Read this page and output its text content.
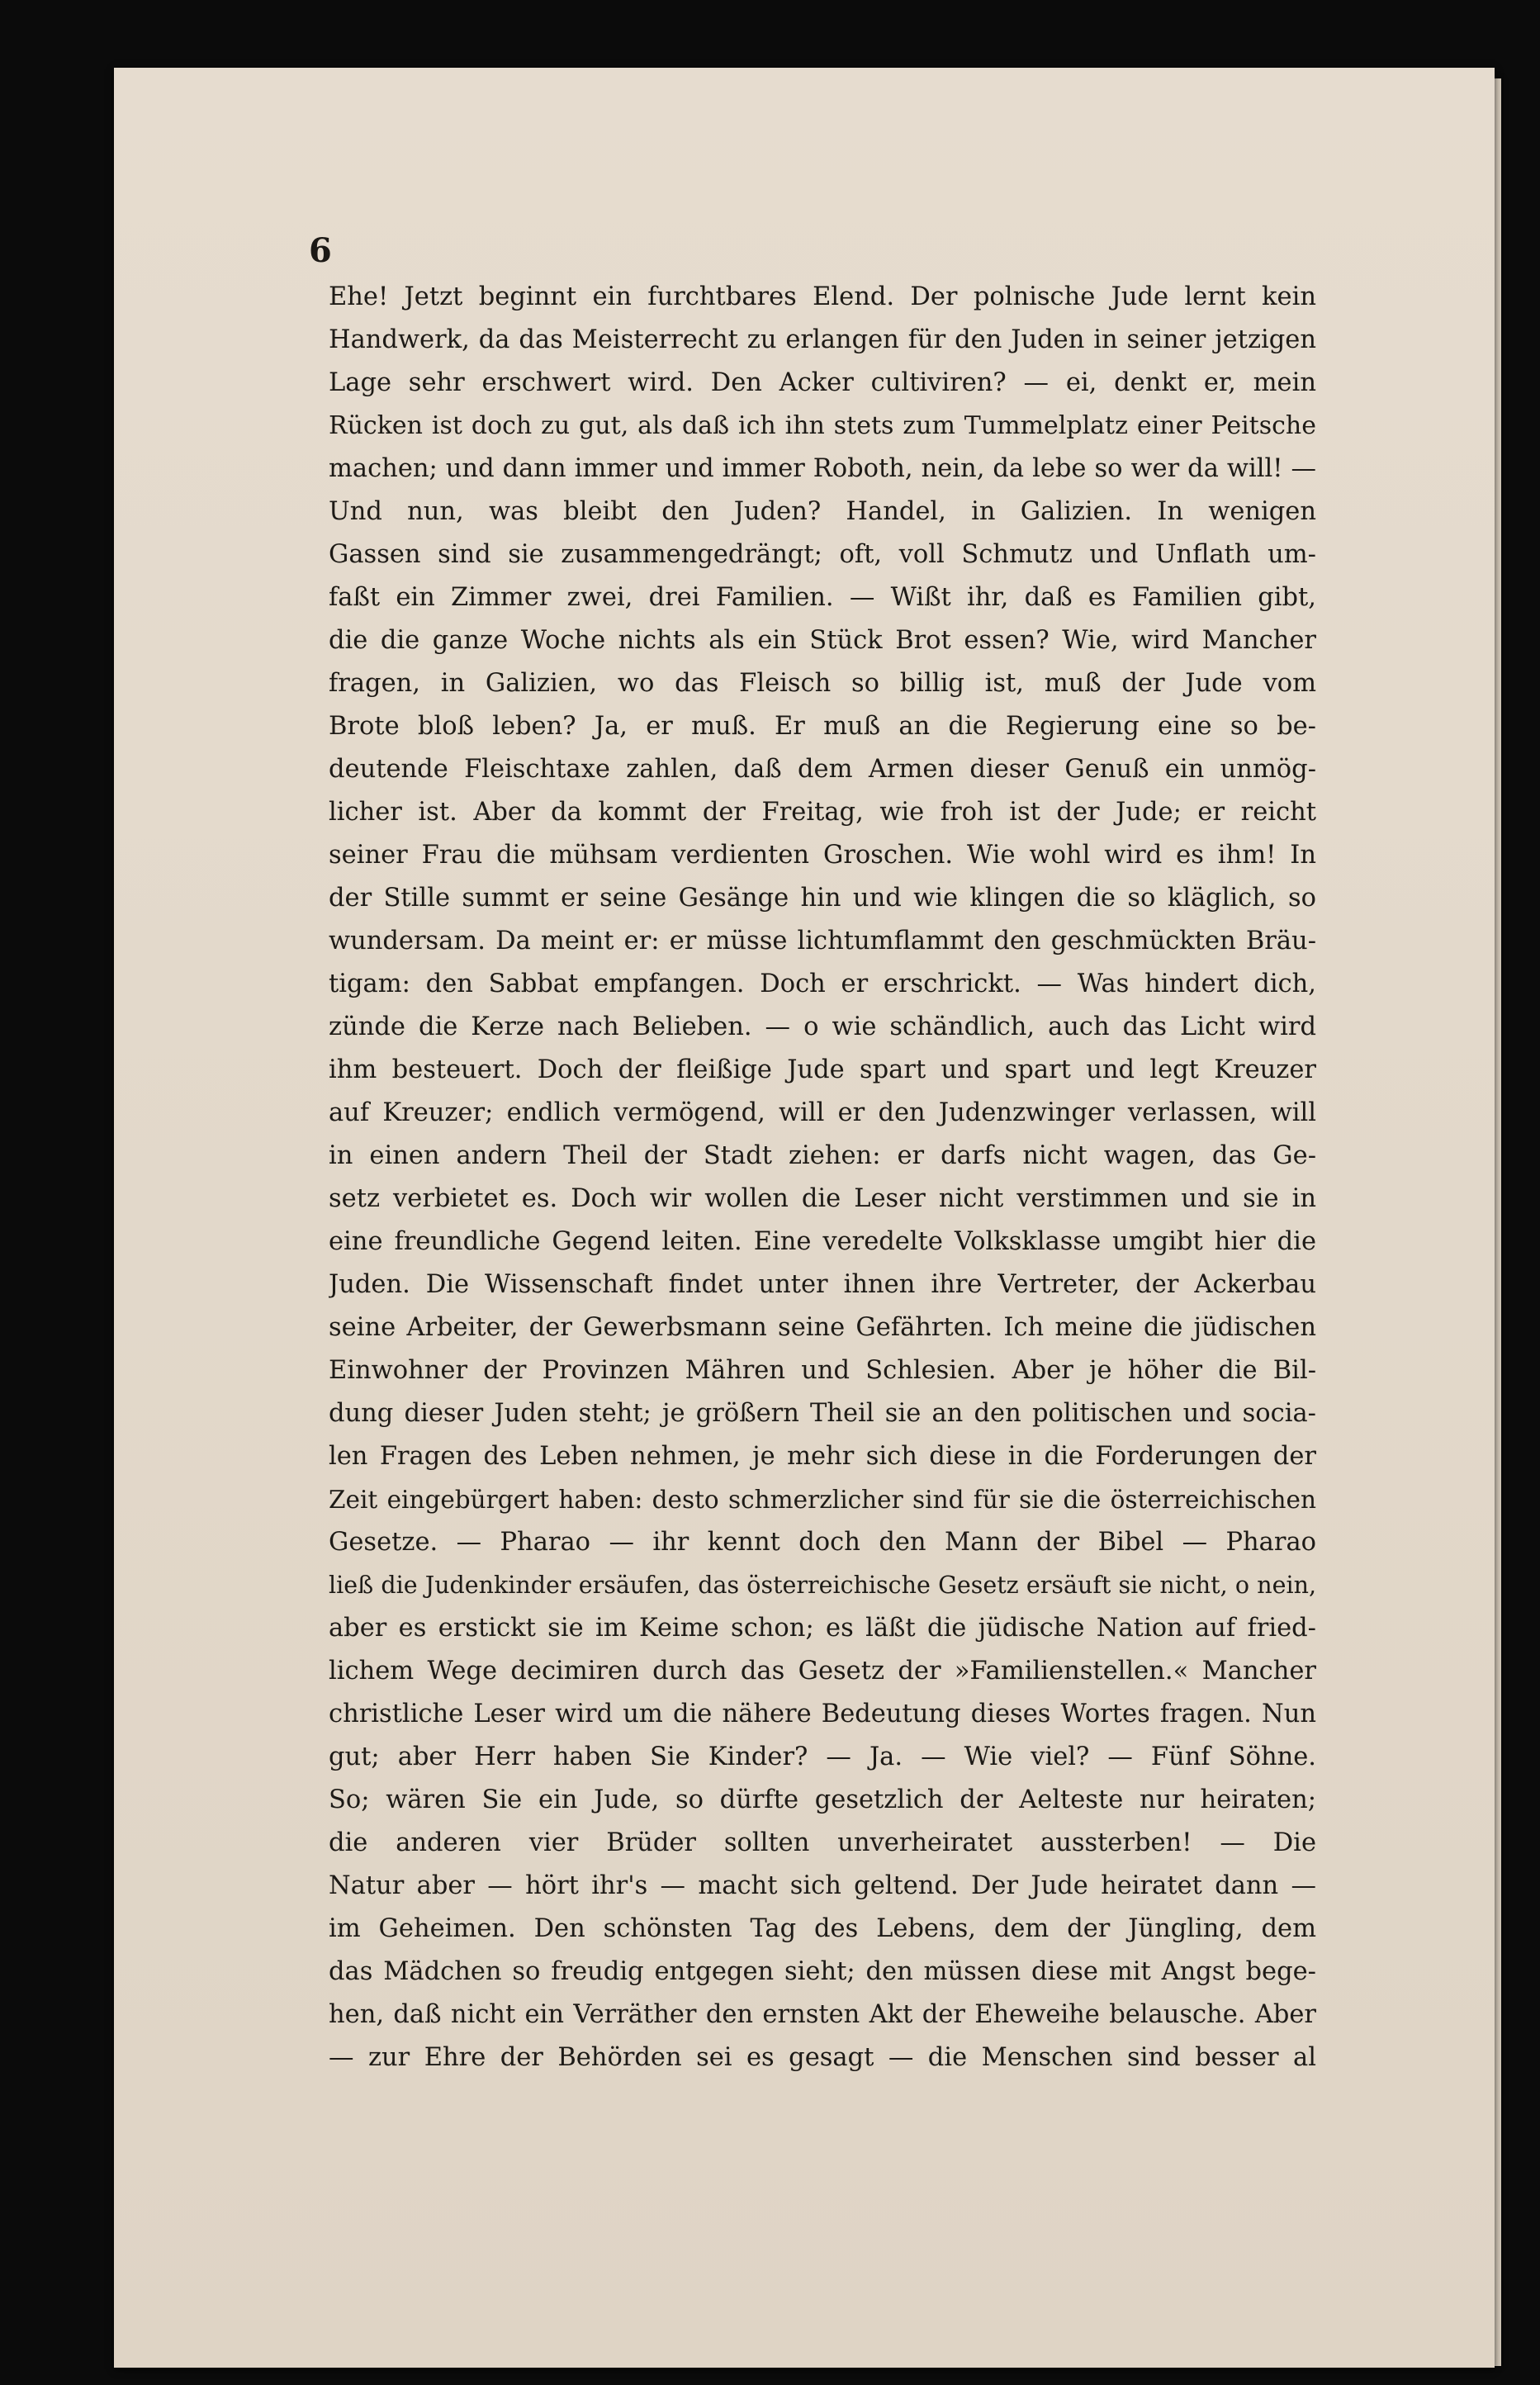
6
Ehe! Jetzt beginnt ein furchtbares Elend. Der polnische Jude lernt kein
Handwerk, da das Meisterrecht zu erlangen für den Juden in seiner jetzigen
Lage sehr erschwert wird. Den Acker cultiviren? — ei, denkt er, mein
Rücken ist doch zu gut, als daß ich ihn stets zum Tummelplatz einer Peitsche
machen; und dann immer und immer Roboth, nein, da lebe so wer da will! —
Und nun, was bleibt den Juden? Handel, in Galizien. In wenigen
Gassen sind sie zusammengedrängt; oft, voll Schmutz und Unflath um-
faßt ein Zimmer zwei, drei Familien. — Wißt ihr, daß es Familien gibt,
die die ganze Woche nichts als ein Stück Brot essen? Wie, wird Mancher
fragen, in Galizien, wo das Fleisch so billig ist, muß der Jude vom
Brote bloß leben? Ja, er muß. Er muß an die Regierung eine so be-
deutende Fleischtaxe zahlen, daß dem Armen dieser Genuß ein unmög-
licher ist. Aber da kommt der Freitag, wie froh ist der Jude; er reicht
seiner Frau die mühsam verdienten Groschen. Wie wohl wird es ihm! In
der Stille summt er seine Gesänge hin und wie klingen die so kläglich, so
wundersam. Da meint er: er müsse lichtumflammt den geschmückten Bräu-
tigam: den Sabbat empfangen. Doch er erschrickt. — Was hindert dich,
zünde die Kerze nach Belieben. — o wie schändlich, auch das Licht wird
ihm besteuert. Doch der fleißige Jude spart und spart und legt Kreuzer
auf Kreuzer; endlich vermögend, will er den Judenzwinger verlassen, will
in einen andern Theil der Stadt ziehen: er darfs nicht wagen, das Ge-
setz verbietet es. Doch wir wollen die Leser nicht verstimmen und sie in
eine freundliche Gegend leiten. Eine veredelte Volksklasse umgibt hier die
Juden. Die Wissenschaft findet unter ihnen ihre Vertreter, der Ackerbau
seine Arbeiter, der Gewerbsmann seine Gefährten. Ich meine die jüdischen
Einwohner der Provinzen Mähren und Schlesien. Aber je höher die Bil-
dung dieser Juden steht; je größern Theil sie an den politischen und socia-
len Fragen des Leben nehmen, je mehr sich diese in die Forderungen der
Zeit eingebürgert haben: desto schmerzlicher sind für sie die österreichischen
Gesetze. — Pharao — ihr kennt doch den Mann der Bibel — Pharao
ließ die Judenkinder ersäufen, das österreichische Gesetz ersäuft sie nicht, o nein,
aber es erstickt sie im Keime schon; es läßt die jüdische Nation auf fried-
lichem Wege decimiren durch das Gesetz der »Familienstellen.« Mancher
christliche Leser wird um die nähere Bedeutung dieses Wortes fragen. Nun
gut; aber Herr haben Sie Kinder? — Ja. — Wie viel? — Fünf Söhne.
So; wären Sie ein Jude, so dürfte gesetzlich der Aelteste nur heiraten;
die anderen vier Brüder sollten unverheiratet aussterben! — Die
Natur aber — hört ihr's — macht sich geltend. Der Jude heiratet dann —
im Geheimen. Den schönsten Tag des Lebens, dem der Jüngling, dem
das Mädchen so freudig entgegen sieht; den müssen diese mit Angst bege-
hen, daß nicht ein Verräther den ernsten Akt der Eheweihe belausche. Aber
— zur Ehre der Behörden sei es gesagt — die Menschen sind besser al
